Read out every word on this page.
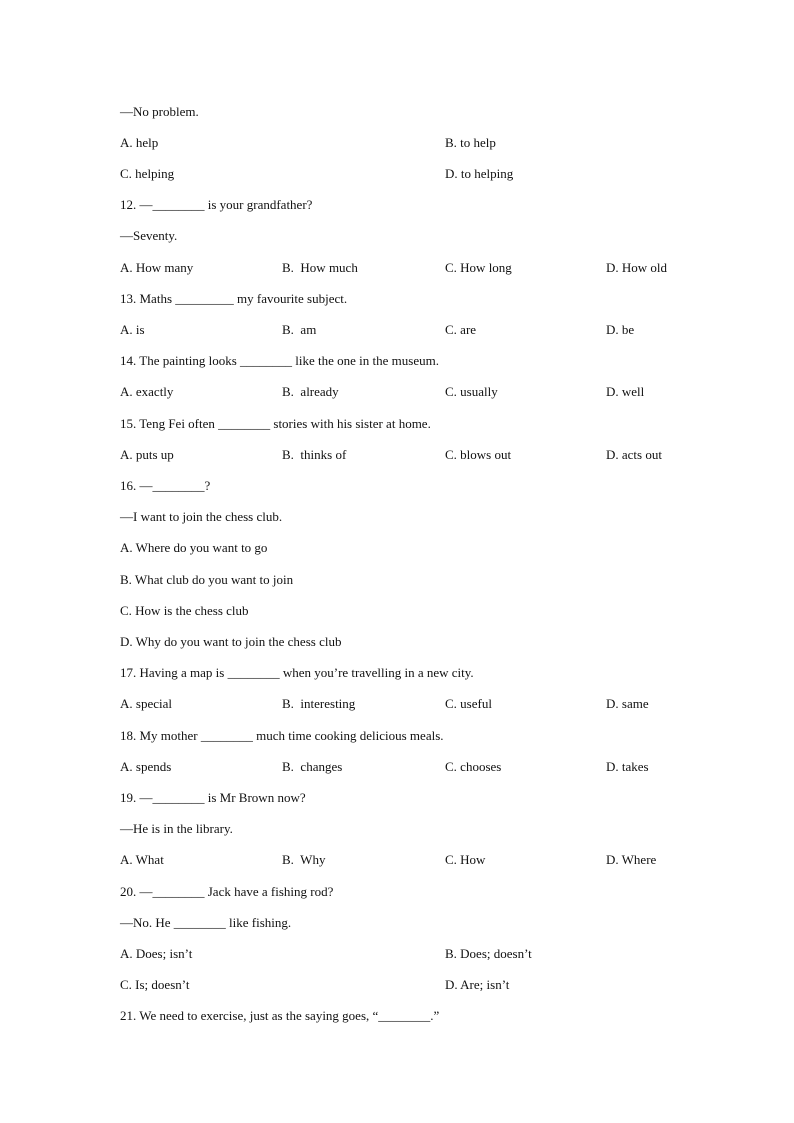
—No problem.
A. help	B. to help
C. helping	D. to helping
12. —________ is your grandfather?
—Seventy.
A. How many	B.  How much	C. How long	D. How old
13. Maths _________ my favourite subject.
A. is	B.  am	C. are	D. be
14. The painting looks ________ like the one in the museum.
A. exactly	B.  already	C. usually	D. well
15. Teng Fei often ________ stories with his sister at home.
A. puts up	B.  thinks of	C. blows out	D. acts out
16. —________?
—I want to join the chess club.
A. Where do you want to go
B. What club do you want to join
C. How is the chess club
D. Why do you want to join the chess club
17. Having a map is ________ when you’re travelling in a new city.
A. special	B.  interesting	C. useful	D. same
18. My mother ________ much time cooking delicious meals.
A. spends	B.  changes	C. chooses	D. takes
19. —________ is Mr Brown now?
—He is in the library.
A. What	B.  Why	C. How	D. Where
20. —________ Jack have a fishing rod?
—No. He ________ like fishing.
A. Does; isn’t	B. Does; doesn’t
C. Is; doesn’t	D. Are; isn’t
21. We need to exercise, just as the saying goes, “________.”
